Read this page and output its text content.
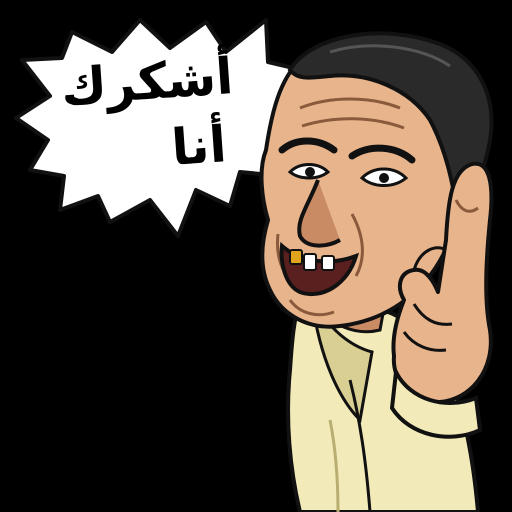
أشكرك
أنا
